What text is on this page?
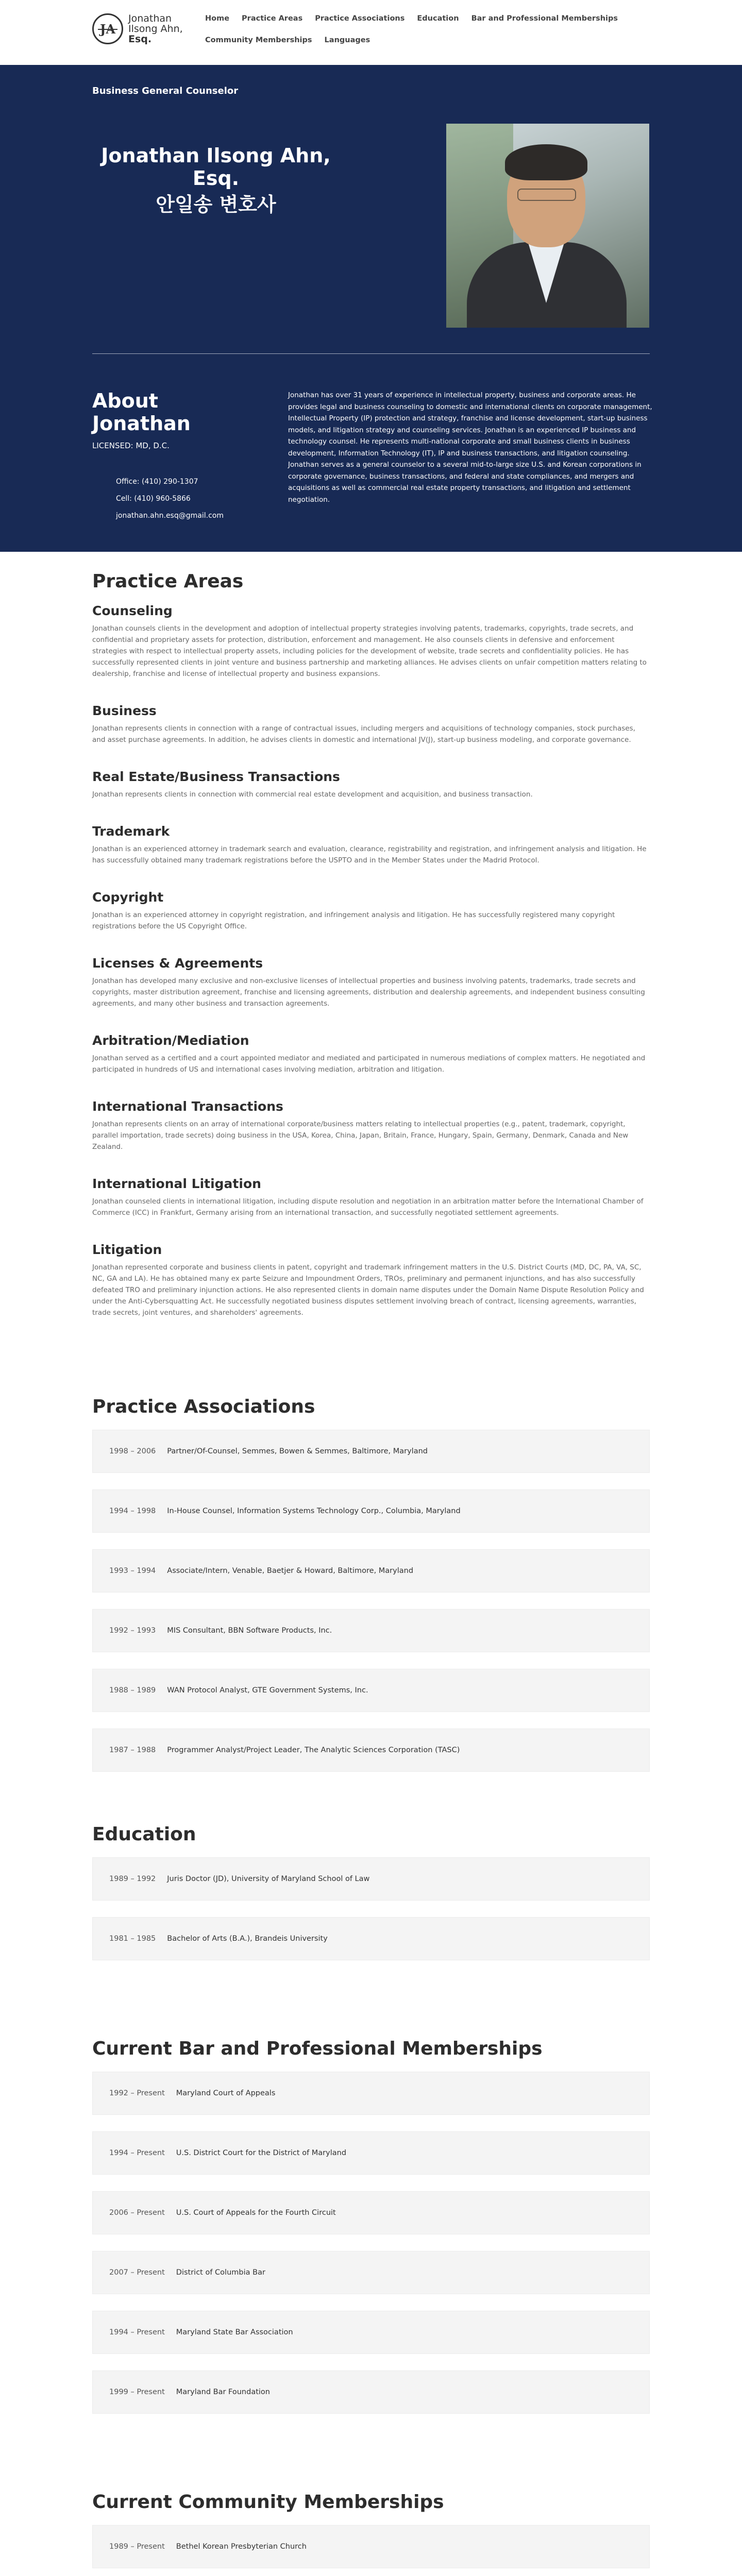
JA
Jonathan
Ilsong Ahn,
Esq.
Home Practice Areas Practice Associations Education Bar and Professional Memberships
Community Memberships Languages
Business General Counselor
Jonathan Ilsong Ahn, Esq.
안일송 변호사
About Jonathan
LICENSED: MD, D.C.
Office: (410) 290-1307
Cell: (410) 960-5866
jonathan.ahn.esq@gmail.com

Jonathan has over 31 years of experience in intellectual property, business and corporate areas. He provides legal and business counseling to domestic and international clients on corporate management, Intellectual Property (IP) protection and strategy, franchise and license development, start-up business models, and litigation strategy and counseling services. Jonathan is an experienced IP business and technology counsel. He represents multi-national corporate and small business clients in business development, Information Technology (IT), IP and business transactions, and litigation counseling. Jonathan serves as a general counselor to a several mid-to-large size U.S. and Korean corporations in corporate governance, business transactions, and federal and state compliances, and mergers and acquisitions as well as commercial real estate property transactions, and litigation and settlement negotiation.

Practice Areas
Counseling

Jonathan counsels clients in the development and adoption of intellectual property strategies involving patents, trademarks, copyrights, trade secrets, and confidential and proprietary assets for protection, distribution, enforcement and management. He also counsels clients in defensive and enforcement strategies with respect to intellectual property assets, including policies for the development of website, trade secrets and confidentiality policies. He has successfully represented clients in joint venture and business partnership and marketing alliances. He advises clients on unfair competition matters relating to dealership, franchise and license of intellectual property and business expansions.

Business

Jonathan represents clients in connection with a range of contractual issues, including mergers and acquisitions of technology companies, stock purchases, and asset purchase agreements. In addition, he advises clients in domestic and international JV(J), start-up business modeling, and corporate governance.

Real Estate/Business Transactions

Jonathan represents clients in connection with commercial real estate development and acquisition, and business transaction.

Trademark

Jonathan is an experienced attorney in trademark search and evaluation, clearance, registrability and registration, and infringement analysis and litigation. He has successfully obtained many trademark registrations before the USPTO and in the Member States under the Madrid Protocol.

Copyright

Jonathan is an experienced attorney in copyright registration, and infringement analysis and litigation. He has successfully registered many copyright registrations before the US Copyright Office.

Licenses & Agreements

Jonathan has developed many exclusive and non-exclusive licenses of intellectual properties and business involving patents, trademarks, trade secrets and copyrights, master distribution agreement, franchise and licensing agreements, distribution and dealership agreements, and independent business consulting agreements, and many other business and transaction agreements.

Arbitration/Mediation

Jonathan served as a certified and a court appointed mediator and mediated and participated in numerous mediations of complex matters. He negotiated and participated in hundreds of US and international cases involving mediation, arbitration and litigation.

International Transactions

Jonathan represents clients on an array of international corporate/business matters relating to intellectual properties (e.g., patent, trademark, copyright, parallel importation, trade secrets) doing business in the USA, Korea, China, Japan, Britain, France, Hungary, Spain, Germany, Denmark, Canada and New Zealand.

International Litigation

Jonathan counseled clients in international litigation, including dispute resolution and negotiation in an arbitration matter before the International Chamber of Commerce (ICC) in Frankfurt, Germany arising from an international transaction, and successfully negotiated settlement agreements.

Litigation

Jonathan represented corporate and business clients in patent, copyright and trademark infringement matters in the U.S. District Courts (MD, DC, PA, VA, SC, NC, GA and LA). He has obtained many ex parte Seizure and Impoundment Orders, TROs, preliminary and permanent injunctions, and has also successfully defeated TRO and preliminary injunction actions. He also represented clients in domain name disputes under the Domain Name Dispute Resolution Policy and under the Anti-Cybersquatting Act. He successfully negotiated business disputes settlement involving breach of contract, licensing agreements, warranties, trade secrets, joint ventures, and shareholders' agreements.

Practice Associations
1998 – 2006 Partner/Of-Counsel, Semmes, Bowen & Semmes, Baltimore, Maryland
1994 – 1998 In-House Counsel, Information Systems Technology Corp., Columbia, Maryland
1993 – 1994 Associate/Intern, Venable, Baetjer & Howard, Baltimore, Maryland
1992 – 1993 MIS Consultant, BBN Software Products, Inc.
1988 – 1989 WAN Protocol Analyst, GTE Government Systems, Inc.
1987 – 1988 Programmer Analyst/Project Leader, The Analytic Sciences Corporation (TASC)
Education
1989 – 1992 Juris Doctor (JD), University of Maryland School of Law
1981 – 1985 Bachelor of Arts (B.A.), Brandeis University
Current Bar and Professional Memberships
1992 – Present Maryland Court of Appeals
1994 – Present U.S. District Court for the District of Maryland
2006 – Present U.S. Court of Appeals for the Fourth Circuit
2007 – Present District of Columbia Bar
1994 – Present Maryland State Bar Association
1999 – Present Maryland Bar Foundation
Current Community Memberships
1989 – Present Bethel Korean Presbyterian Church
